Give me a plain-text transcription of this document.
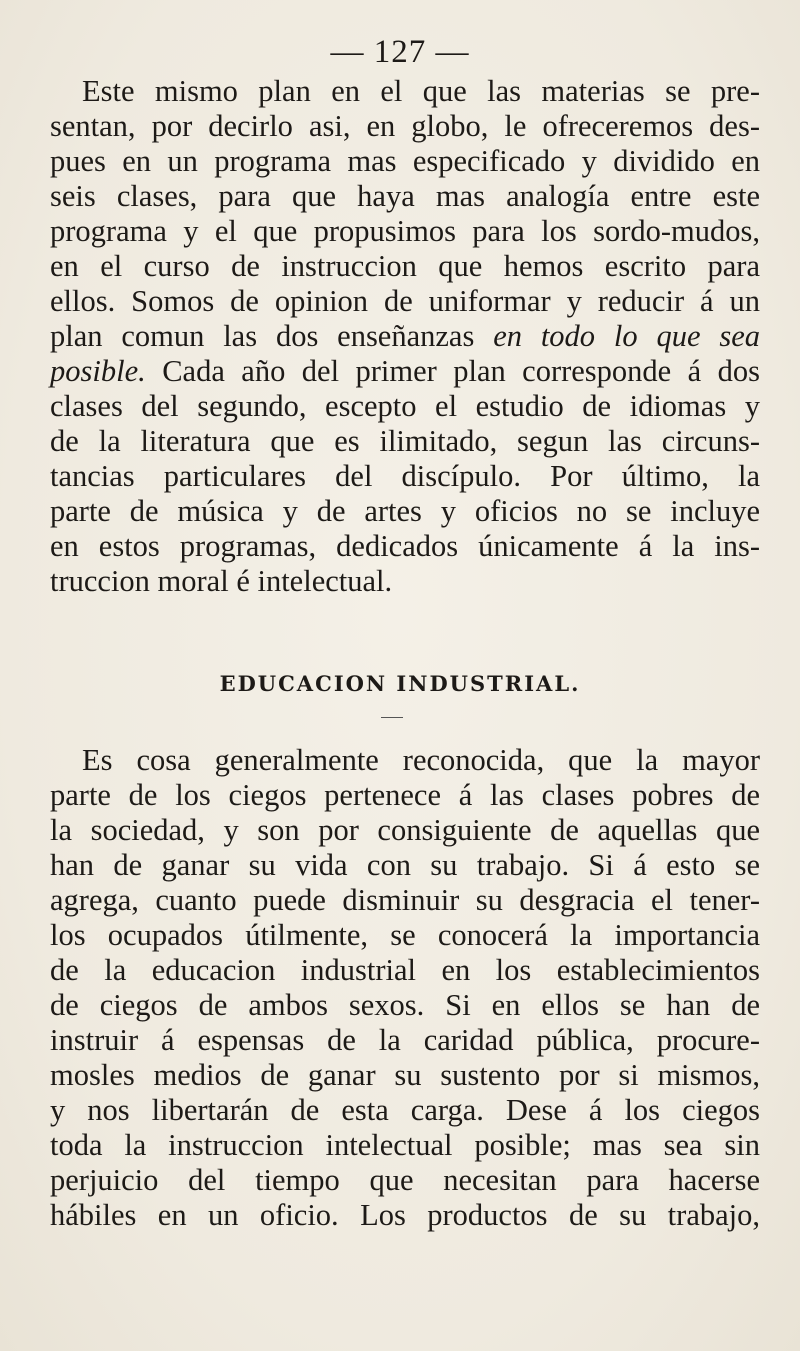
— 127 —
Este mismo plan en el que las materias se pre-
sentan, por decirlo asi, en globo, le ofreceremos des-
pues en un programa mas especificado y dividido en
seis clases, para que haya mas analogía entre este
programa y el que propusimos para los sordo-mudos,
en el curso de instruccion que hemos escrito para
ellos. Somos de opinion de uniformar y reducir á un
plan comun las dos enseñanzas en todo lo que sea
posible. Cada año del primer plan corresponde á dos
clases del segundo, escepto el estudio de idiomas y
de la literatura que es ilimitado, segun las circuns-
tancias particulares del discípulo. Por último, la
parte de música y de artes y oficios no se incluye
en estos programas, dedicados únicamente á la ins-
truccion moral é intelectual.
EDUCACION INDUSTRIAL.
Es cosa generalmente reconocida, que la mayor
parte de los ciegos pertenece á las clases pobres de
la sociedad, y son por consiguiente de aquellas que
han de ganar su vida con su trabajo. Si á esto se
agrega, cuanto puede disminuir su desgracia el tener-
los ocupados útilmente, se conocerá la importancia
de la educacion industrial en los establecimientos
de ciegos de ambos sexos. Si en ellos se han de
instruir á espensas de la caridad pública, procure-
mosles medios de ganar su sustento por si mismos,
y nos libertarán de esta carga. Dese á los ciegos
toda la instruccion intelectual posible; mas sea sin
perjuicio del tiempo que necesitan para hacerse
hábiles en un oficio. Los productos de su trabajo,
